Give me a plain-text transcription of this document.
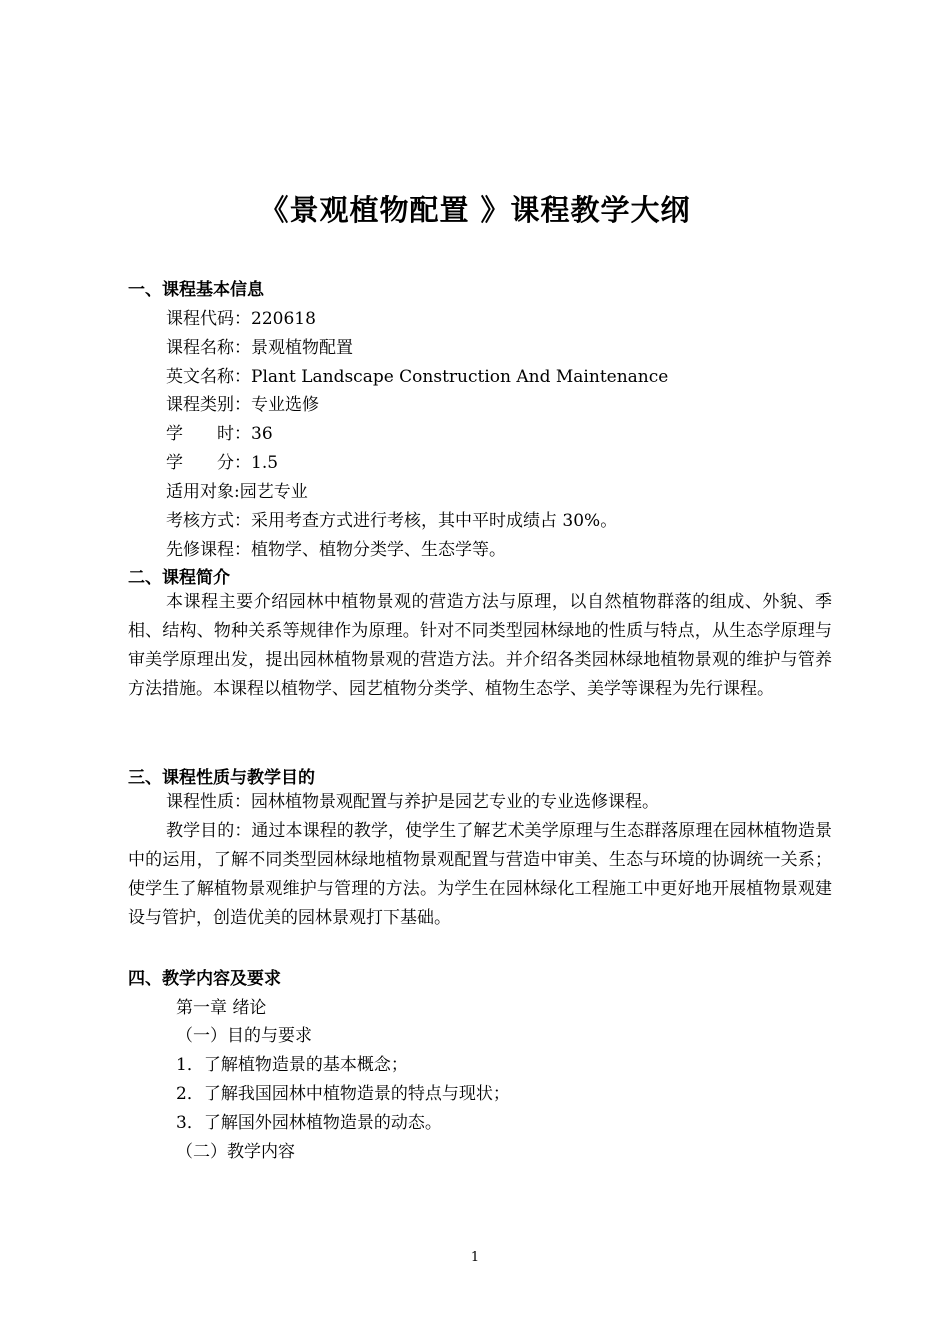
《景观植物配置 》课程教学大纲

一、课程基本信息

课程代码：220618

课程名称：景观植物配置

英文名称：Plant Landscape Construction And Maintenance

课程类别：专业选修

学　　时：36

学　　分：1.5

适用对象:园艺专业

考核方式：采用考查方式进行考核，其中平时成绩占 30%。

先修课程：植物学、植物分类学、生态学等。

二、课程简介

本课程主要介绍园林中植物景观的营造方法与原理，以自然植物群落的组成、外貌、季相、结构、物种关系等规律作为原理。针对不同类型园林绿地的性质与特点，从生态学原理与审美学原理出发，提出园林植物景观的营造方法。并介绍各类园林绿地植物景观的维护与管养方法措施。本课程以植物学、园艺植物分类学、植物生态学、美学等课程为先行课程。

三、课程性质与教学目的

课程性质：园林植物景观配置与养护是园艺专业的专业选修课程。

教学目的：通过本课程的教学，使学生了解艺术美学原理与生态群落原理在园林植物造景中的运用，了解不同类型园林绿地植物景观配置与营造中审美、生态与环境的协调统一关系；使学生了解植物景观维护与管理的方法。为学生在园林绿化工程施工中更好地开展植物景观建设与管护，创造优美的园林景观打下基础。

四、教学内容及要求

第一章 绪论

（一）目的与要求

1．了解植物造景的基本概念；

2．了解我国园林中植物造景的特点与现状；

3．了解国外园林植物造景的动态。

（二）教学内容

1
